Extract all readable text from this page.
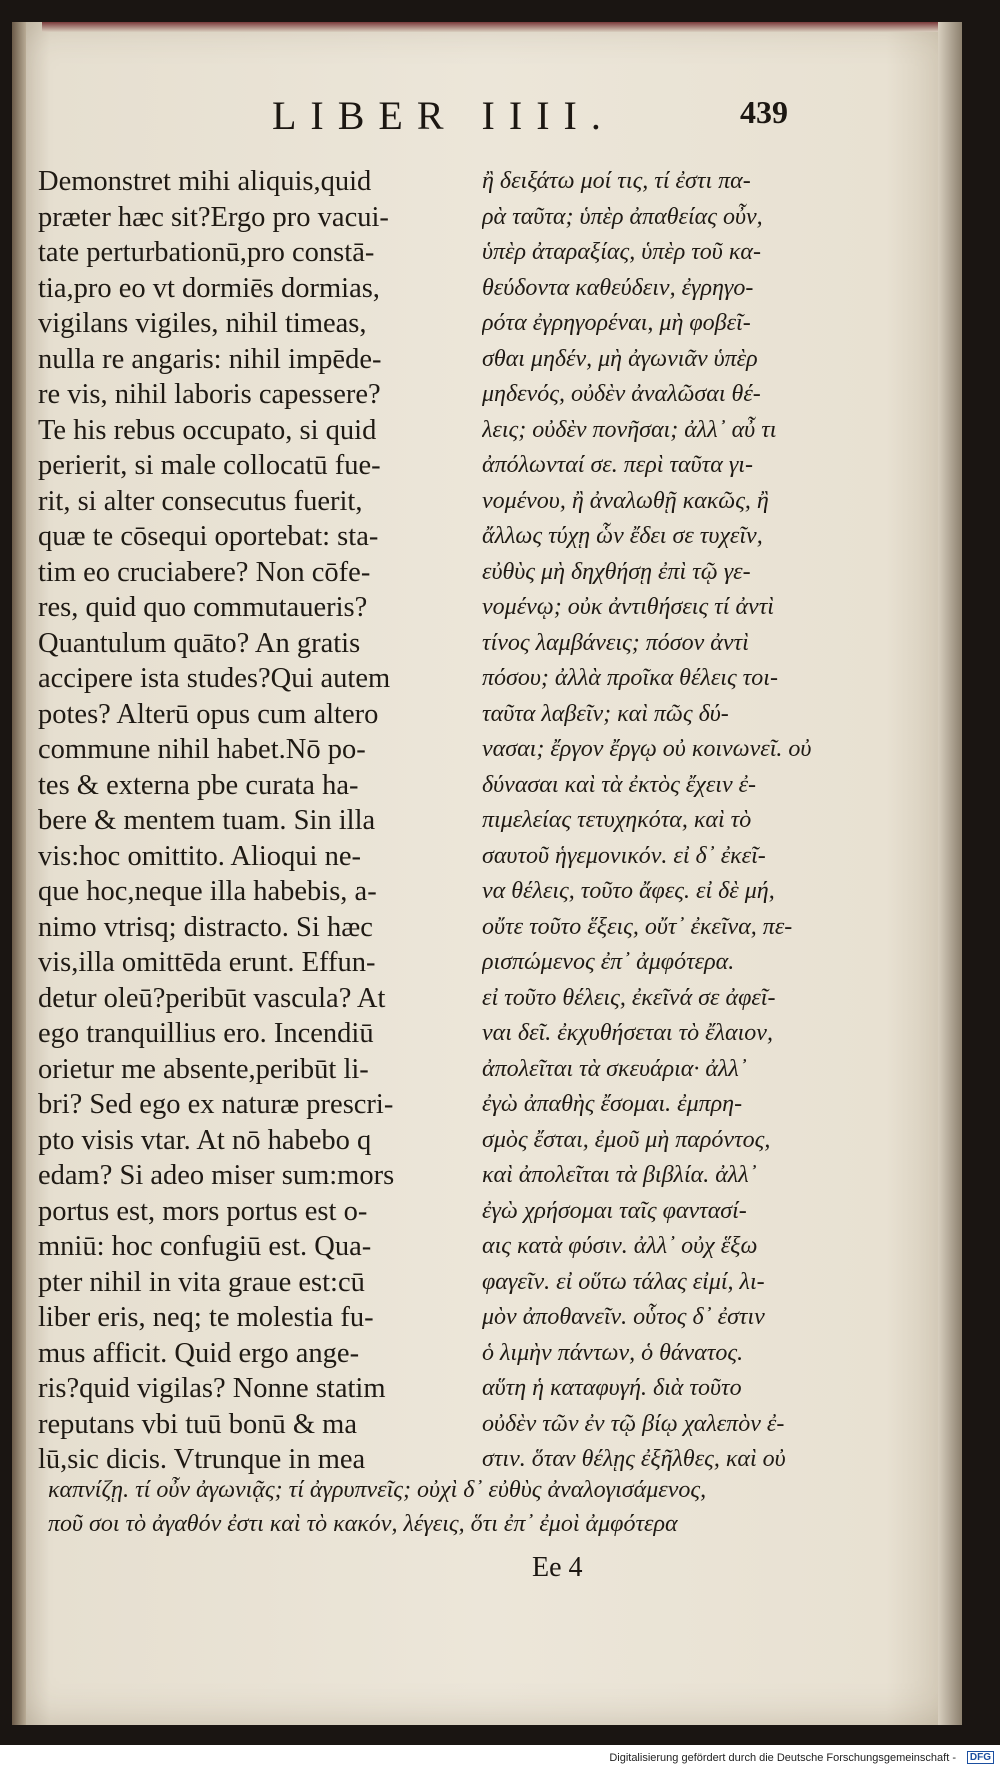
LIBER IIII.	439
Demonstret mihi aliquis,quid
præter hæc sit?Ergo pro vacui-
tate perturbationū,pro constā-
tia,pro eo vt dormiēs dormias,
vigilans vigiles, nihil timeas,
nulla re angaris: nihil impēde-
re vis, nihil laboris capessere?
Te his rebus occupato, si quid
perierit, si male collocatū fue-
rit, si alter consecutus fuerit,
quæ te cōsequi oportebat: sta-
tim eo cruciabere? Non cōfe-
res, quid quo commutaueris?
Quantulum quāto? An gratis
accipere ista studes?Qui autem
potes? Alterū opus cum altero
commune nihil habet.Nō po-
tes & externa pbe curata ha-
bere & mentem tuam. Sin illa
vis:hoc omittito. Alioqui ne-
que hoc,neque illa habebis, a-
nimo vtrisq; distracto. Si hæc
vis,illa omittēda erunt. Effun-
detur oleū?peribūt vascula? At
ego tranquillius ero. Incendiū
orietur me absente,peribūt li-
bri? Sed ego ex naturæ prescri-
pto visis vtar. At nō habebo q
edam? Si adeo miser sum:mors
portus est, mors portus est o-
mniū: hoc confugiū est. Qua-
pter nihil in vita graue est:cū
liber eris, neq; te molestia fu-
mus afficit. Quid ergo ange-
ris?quid vigilas? Nonne statim
reputans vbi tuū bonū & ma
lū,sic dicis. Vtrunque in mea
ἢ δειξάτω μοί τις, τί ἐστι πα-
ρὰ ταῦτα; ὑπὲρ ἀπαθείας οὖν,
ὑπὲρ ἀταραξίας, ὑπὲρ τοῦ κα-
θεύδοντα καθεύδειν, ἐγρηγο-
ρότα ἐγρηγορέναι, μὴ φοβεῖ-
σθαι μηδέν, μὴ ἀγωνιᾶν ὑπὲρ
μηδενός, οὐδὲν ἀναλῶσαι θέ-
λεις; οὐδὲν πονῆσαι; ἀλλ᾽ αὖ τι
ἀπόλωνταί σε. περὶ ταῦτα γι-
νομένου, ἢ ἀναλωθῇ κακῶς, ἢ
ἄλλως τύχῃ ὧν ἔδει σε τυχεῖν,
εὐθὺς μὴ δηχθήσῃ ἐπὶ τῷ γε-
νομένῳ; οὐκ ἀντιθήσεις τί ἀντὶ
τίνος λαμβάνεις; πόσον ἀντὶ
πόσου; ἀλλὰ προῖκα θέλεις τοι-
ταῦτα λαβεῖν; καὶ πῶς δύ-
νασαι; ἔργον ἔργῳ οὐ κοινωνεῖ. οὐ
δύνασαι καὶ τὰ ἐκτὸς ἔχειν ἐ-
πιμελείας τετυχηκότα, καὶ τὸ
σαυτοῦ ἡγεμονικόν. εἰ δ᾽ ἐκεῖ-
να θέλεις, τοῦτο ἄφες. εἰ δὲ μή,
οὔτε τοῦτο ἕξεις, οὔτ᾽ ἐκεῖνα, πε-
ρισπώμενος ἐπ᾽ ἀμφότερα.
εἰ τοῦτο θέλεις, ἐκεῖνά σε ἀφεῖ-
ναι δεῖ. ἐκχυθήσεται τὸ ἔλαιον,
ἀπολεῖται τὰ σκευάρια· ἀλλ᾽
ἐγὼ ἀπαθὴς ἔσομαι. ἐμπρη-
σμὸς ἔσται, ἐμοῦ μὴ παρόντος,
καὶ ἀπολεῖται τὰ βιβλία. ἀλλ᾽
ἐγὼ χρήσομαι ταῖς φαντασί-
αις κατὰ φύσιν. ἀλλ᾽ οὐχ ἕξω
φαγεῖν. εἰ οὕτω τάλας εἰμί, λι-
μὸν ἀποθανεῖν. οὗτος δ᾽ ἐστιν
ὁ λιμὴν πάντων, ὁ θάνατος.
αὕτη ἡ καταφυγή. διὰ τοῦτο
οὐδὲν τῶν ἐν τῷ βίῳ χαλεπὸν ἐ-
στιν. ὅταν θέλῃς ἐξῆλθες, καὶ οὐ
καπνίζῃ. τί οὖν ἀγωνιᾷς; τί ἀγρυπνεῖς; οὐχὶ δ᾽ εὐθὺς ἀναλογισάμενος,
ποῦ σοι τὸ ἀγαθόν ἐστι καὶ τὸ κακόν, λέγεις, ὅτι ἐπ᾽ ἐμοὶ ἀμφότερα
Ee 4
Digitalisierung gefördert durch die Deutsche Forschungsgemeinschaft -	DFG
